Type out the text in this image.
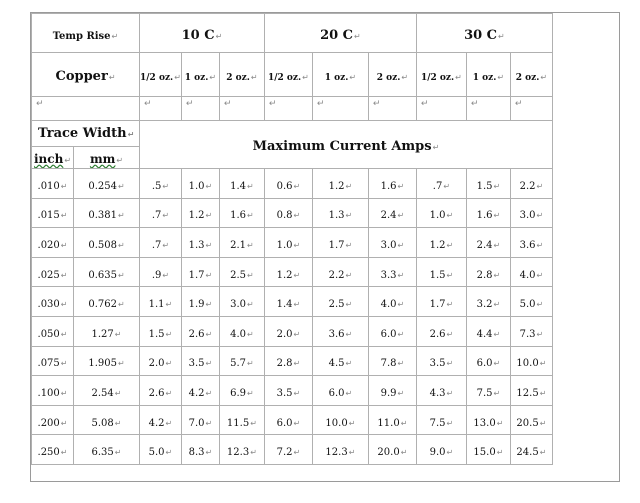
Temp Rise↵		10 C↵			20 C↵			30 C↵		
Copper↵		1/2 oz.↵	1 oz.↵	2 oz.↵	1/2 oz.↵	1 oz.↵	2 oz.↵	1/2 oz.↵	1 oz.↵	2 oz.↵

↵		↵	↵	↵	↵	↵	↵	↵	↵	↵

Trace Width↵		Maximum Current Amps↵								
inch↵	mm↵									
.010↵	0.254↵	.5↵	1.0↵	1.4↵	0.6↵	1.2↵	1.6↵	.7↵	1.5↵	2.2↵
.015↵	0.381↵	.7↵	1.2↵	1.6↵	0.8↵	1.3↵	2.4↵	1.0↵	1.6↵	3.0↵
.020↵	0.508↵	.7↵	1.3↵	2.1↵	1.0↵	1.7↵	3.0↵	1.2↵	2.4↵	3.6↵
.025↵	0.635↵	.9↵	1.7↵	2.5↵	1.2↵	2.2↵	3.3↵	1.5↵	2.8↵	4.0↵
.030↵	0.762↵	1.1↵	1.9↵	3.0↵	1.4↵	2.5↵	4.0↵	1.7↵	3.2↵	5.0↵
.050↵	1.27↵	1.5↵	2.6↵	4.0↵	2.0↵	3.6↵	6.0↵	2.6↵	4.4↵	7.3↵
.075↵	1.905↵	2.0↵	3.5↵	5.7↵	2.8↵	4.5↵	7.8↵	3.5↵	6.0↵	10.0↵
.100↵	2.54↵	2.6↵	4.2↵	6.9↵	3.5↵	6.0↵	9.9↵	4.3↵	7.5↵	12.5↵
.200↵	5.08↵	4.2↵	7.0↵	11.5↵	6.0↵	10.0↵	11.0↵	7.5↵	13.0↵	20.5↵
.250↵	6.35↵	5.0↵	8.3↵	12.3↵	7.2↵	12.3↵	20.0↵	9.0↵	15.0↵	24.5↵
